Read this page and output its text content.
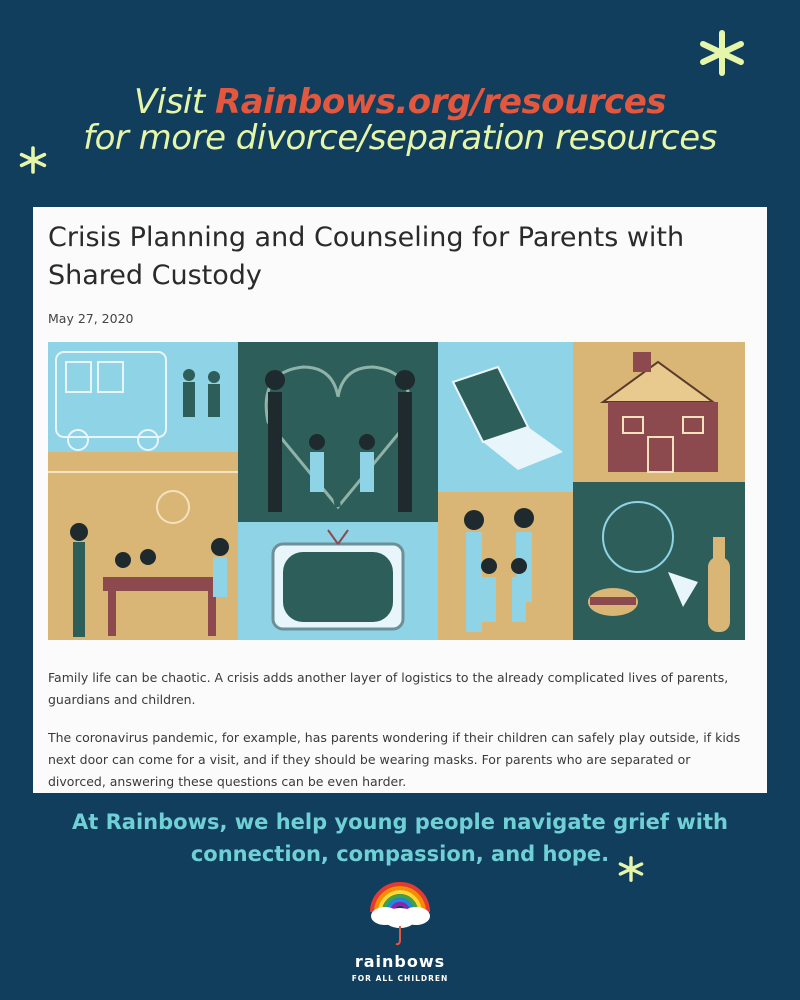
Visit Rainbows.org/resources
for more divorce/separation resources
Crisis Planning and Counseling for Parents with Shared Custody
May 27, 2020

Family life can be chaotic. A crisis adds another layer of logistics to the already complicated lives of parents, guardians and children.

The coronavirus pandemic, for example, has parents wondering if their children can safely play outside, if kids next door can come for a visit, and if they should be wearing masks. For parents who are separated or divorced, answering these questions can be even harder.

At Rainbows, we help young people navigate grief with
connection, compassion, and hope.
rainbows
FOR ALL CHILDREN
